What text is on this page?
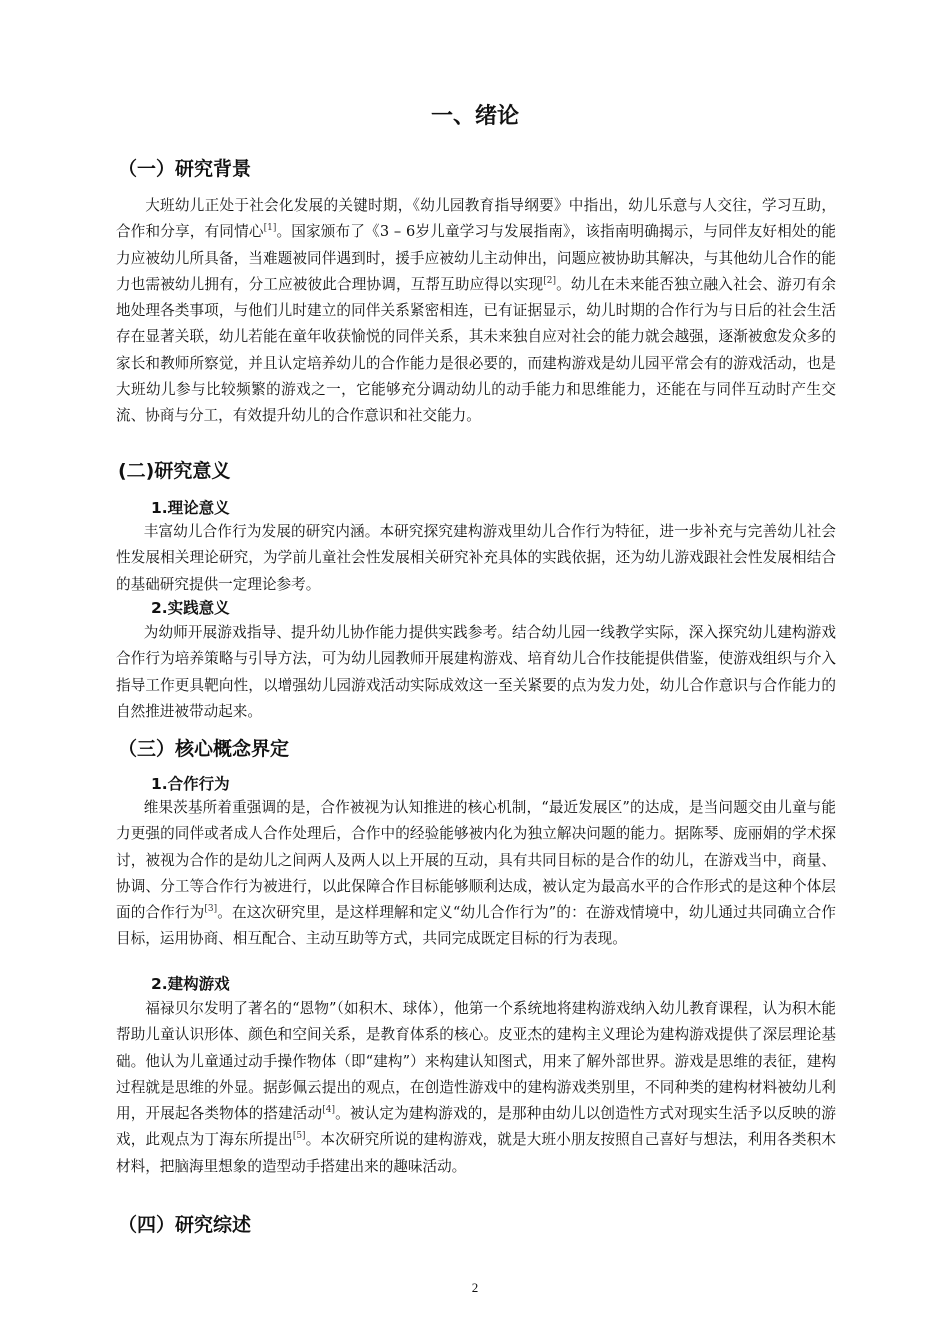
一、绪论
（一）研究背景

大班幼儿正处于社会化发展的关键时期，《幼儿园教育指导纲要》中指出，幼儿乐意与人交往，学习互助，合作和分享，有同情心[1]。国家颁布了《3 – 6岁儿童学习与发展指南》，该指南明确揭示，与同伴友好相处的能力应被幼儿所具备，当难题被同伴遇到时，援手应被幼儿主动伸出，问题应被协助其解决，与其他幼儿合作的能力也需被幼儿拥有，分工应被彼此合理协调，互帮互助应得以实现[2]。幼儿在未来能否独立融入社会、游刃有余地处理各类事项，与他们儿时建立的同伴关系紧密相连，已有证据显示，幼儿时期的合作行为与日后的社会生活存在显著关联，幼儿若能在童年收获愉悦的同伴关系，其未来独自应对社会的能力就会越强，逐渐被愈发众多的家长和教师所察觉，并且认定培养幼儿的合作能力是很必要的，而建构游戏是幼儿园平常会有的游戏活动，也是大班幼儿参与比较频繁的游戏之一，它能够充分调动幼儿的动手能力和思维能力，还能在与同伴互动时产生交流、协商与分工，有效提升幼儿的合作意识和社交能力。

(二)研究意义
1.理论意义

丰富幼儿合作行为发展的研究内涵。本研究探究建构游戏里幼儿合作行为特征，进一步补充与完善幼儿社会性发展相关理论研究，为学前儿童社会性发展相关研究补充具体的实践依据，还为幼儿游戏跟社会性发展相结合的基础研究提供一定理论参考。

2.实践意义

为幼师开展游戏指导、提升幼儿协作能力提供实践参考。结合幼儿园一线教学实际，深入探究幼儿建构游戏合作行为培养策略与引导方法，可为幼儿园教师开展建构游戏、培育幼儿合作技能提供借鉴，使游戏组织与介入指导工作更具靶向性，以增强幼儿园游戏活动实际成效这一至关紧要的点为发力处，幼儿合作意识与合作能力的自然推进被带动起来。

（三）核心概念界定
1.合作行为

维果茨基所着重强调的是，合作被视为认知推进的核心机制，“最近发展区”的达成，是当问题交由儿童与能力更强的同伴或者成人合作处理后，合作中的经验能够被内化为独立解决问题的能力。据陈琴、庞丽娟的学术探讨，被视为合作的是幼儿之间两人及两人以上开展的互动，具有共同目标的是合作的幼儿，在游戏当中，商量、协调、分工等合作行为被进行，以此保障合作目标能够顺利达成，被认定为最高水平的合作形式的是这种个体层面的合作行为[3]。在这次研究里，是这样理解和定义“幼儿合作行为”的：在游戏情境中，幼儿通过共同确立合作目标，运用协商、相互配合、主动互助等方式，共同完成既定目标的行为表现。

2.建构游戏

福禄贝尔发明了著名的“恩物”（如积木、球体），他第一个系统地将建构游戏纳入幼儿教育课程，认为积木能帮助儿童认识形体、颜色和空间关系，是教育体系的核心。皮亚杰的建构主义理论为建构游戏提供了深层理论基础。他认为儿童通过动手操作物体（即“建构”）来构建认知图式，用来了解外部世界。游戏是思维的表征，建构过程就是思维的外显。据彭佩云提出的观点，在创造性游戏中的建构游戏类别里，不同种类的建构材料被幼儿利用，开展起各类物体的搭建活动[4]。被认定为建构游戏的，是那种由幼儿以创造性方式对现实生活予以反映的游戏，此观点为丁海东所提出[5]。本次研究所说的建构游戏，就是大班小朋友按照自己喜好与想法，利用各类积木材料，把脑海里想象的造型动手搭建出来的趣味活动。

（四）研究综述
2
